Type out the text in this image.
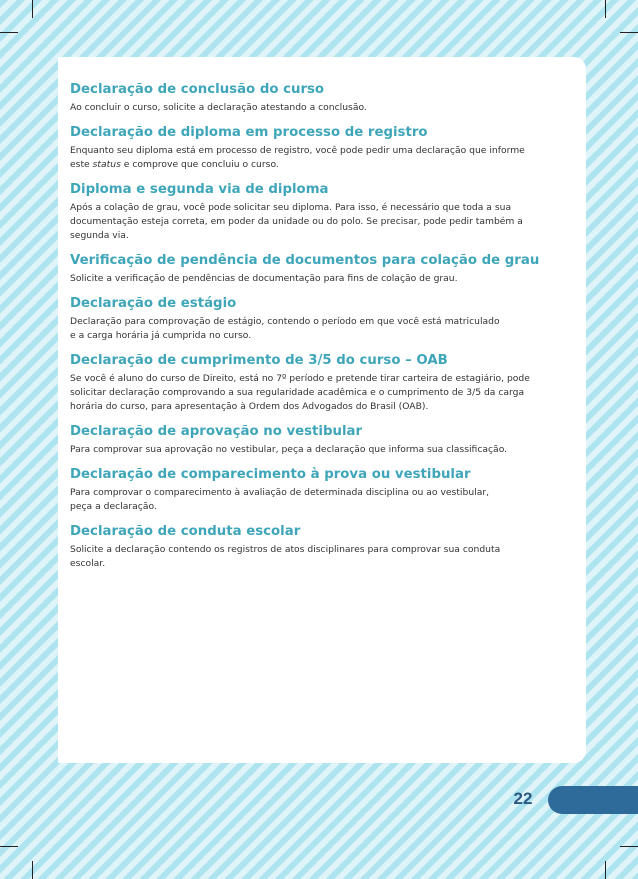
Declaração de conclusão do curso

Ao concluir o curso, solicite a declaração atestando a conclusão.

Declaração de diploma em processo de registro

Enquanto seu diploma está em processo de registro, você pode pedir uma declaração que informe
este status e comprove que concluiu o curso.

Diploma e segunda via de diploma

Após a colação de grau, você pode solicitar seu diploma. Para isso, é necessário que toda a sua
documentação esteja correta, em poder da unidade ou do polo. Se precisar, pode pedir também a
segunda via.

Verificação de pendência de documentos para colação de grau

Solicite a verificação de pendências de documentação para fins de colação de grau.

Declaração de estágio

Declaração para comprovação de estágio, contendo o período em que você está matriculado
e a carga horária já cumprida no curso.

Declaração de cumprimento de 3/5 do curso – OAB

Se você é aluno do curso de Direito, está no 7º período e pretende tirar carteira de estagiário, pode
solicitar declaração comprovando a sua regularidade acadêmica e o cumprimento de 3/5 da carga
horária do curso, para apresentação à Ordem dos Advogados do Brasil (OAB).

Declaração de aprovação no vestibular

Para comprovar sua aprovação no vestibular, peça a declaração que informa sua classificação.

Declaração de comparecimento à prova ou vestibular

Para comprovar o comparecimento à avaliação de determinada disciplina ou ao vestibular,
peça a declaração.

Declaração de conduta escolar

Solicite a declaração contendo os registros de atos disciplinares para comprovar sua conduta
escolar.

22
